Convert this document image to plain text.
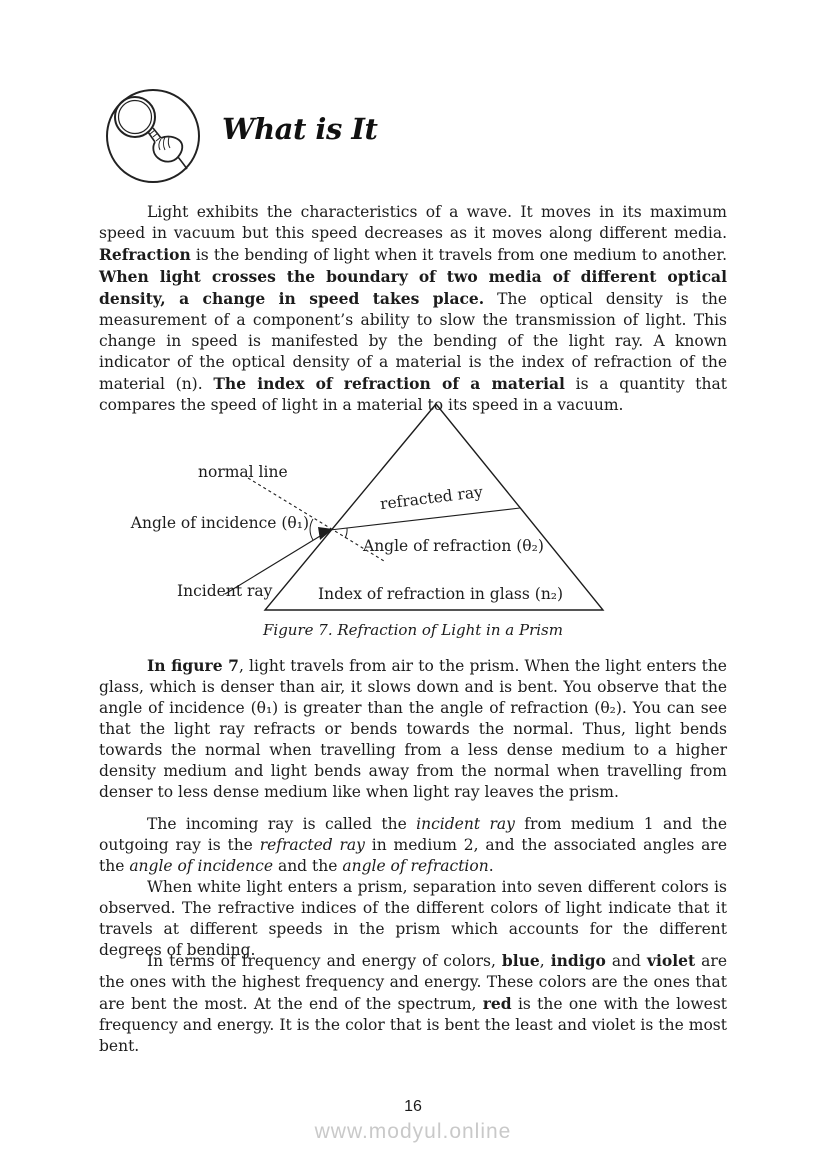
What is It
Light exhibits the characteristics of a wave. It moves in its maximum speed in vacuum but this speed decreases as it moves along different media. Refraction is the bending of light when it travels from one medium to another. When light crosses the boundary of two media of different optical density, a change in speed takes place. The optical density is the measurement of a component’s ability to slow the transmission of light. This change in speed is manifested by the bending of the light ray. A known indicator of the optical density of a material is the index of refraction of the material (n). The index of refraction of a material is a quantity that compares the speed of light in a material to its speed in a vacuum.
normal line
Angle of incidence (θ₁)
refracted ray
Angle of refraction (θ₂)
Incident ray	Index of refraction in glass (n₂)
Figure 7. Refraction of Light in a Prism
In figure 7, light travels from air to the prism. When the light enters the glass, which is denser than air, it slows down and is bent. You observe that the angle of incidence (θ₁) is greater than the angle of refraction (θ₂). You can see that the light ray refracts or bends towards the normal. Thus, light bends towards the normal when travelling from a less dense medium to a higher density medium and light bends away from the normal when travelling from denser to less dense medium like when light ray leaves the prism.

The incoming ray is called the incident ray from medium 1 and the outgoing ray is the refracted ray in medium 2, and the associated angles are the angle of incidence and the angle of refraction.

When white light enters a prism, separation into seven different colors is observed. The refractive indices of the different colors of light indicate that it travels at different speeds in the prism which accounts for the different degrees of bending.

In terms of frequency and energy of colors, blue, indigo and violet are the ones with the highest frequency and energy. These colors are the ones that are bent the most. At the end of the spectrum, red is the one with the lowest frequency and energy. It is the color that is bent the least and violet is the most bent.
16
www.modyul.online
